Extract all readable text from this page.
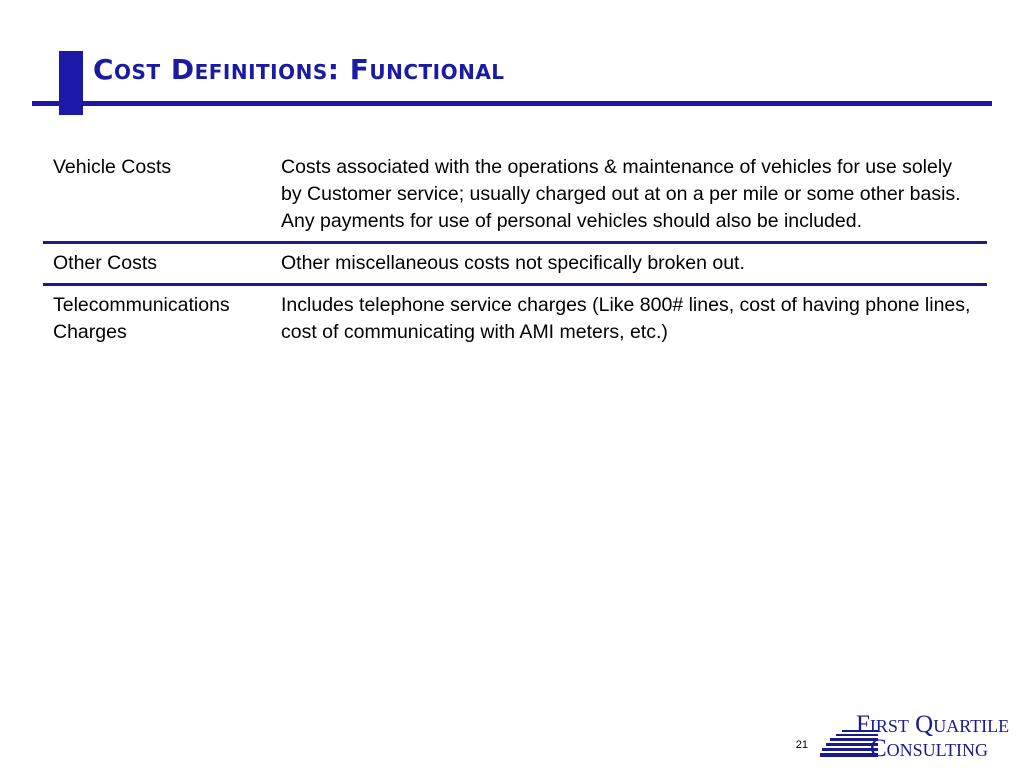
Cost Definitions: Functional
Vehicle Costs	Costs associated with the operations & maintenance of vehicles for use solely by Customer service; usually charged out at on a per mile or some other basis. Any payments for use of personal vehicles should also be included.
Other Costs	Other miscellaneous costs not specifically broken out.
Telecommunications Charges	Includes telephone service charges (Like 800# lines, cost of having phone lines, cost of communicating with AMI meters, etc.)
21

First Quartile
Consulting
